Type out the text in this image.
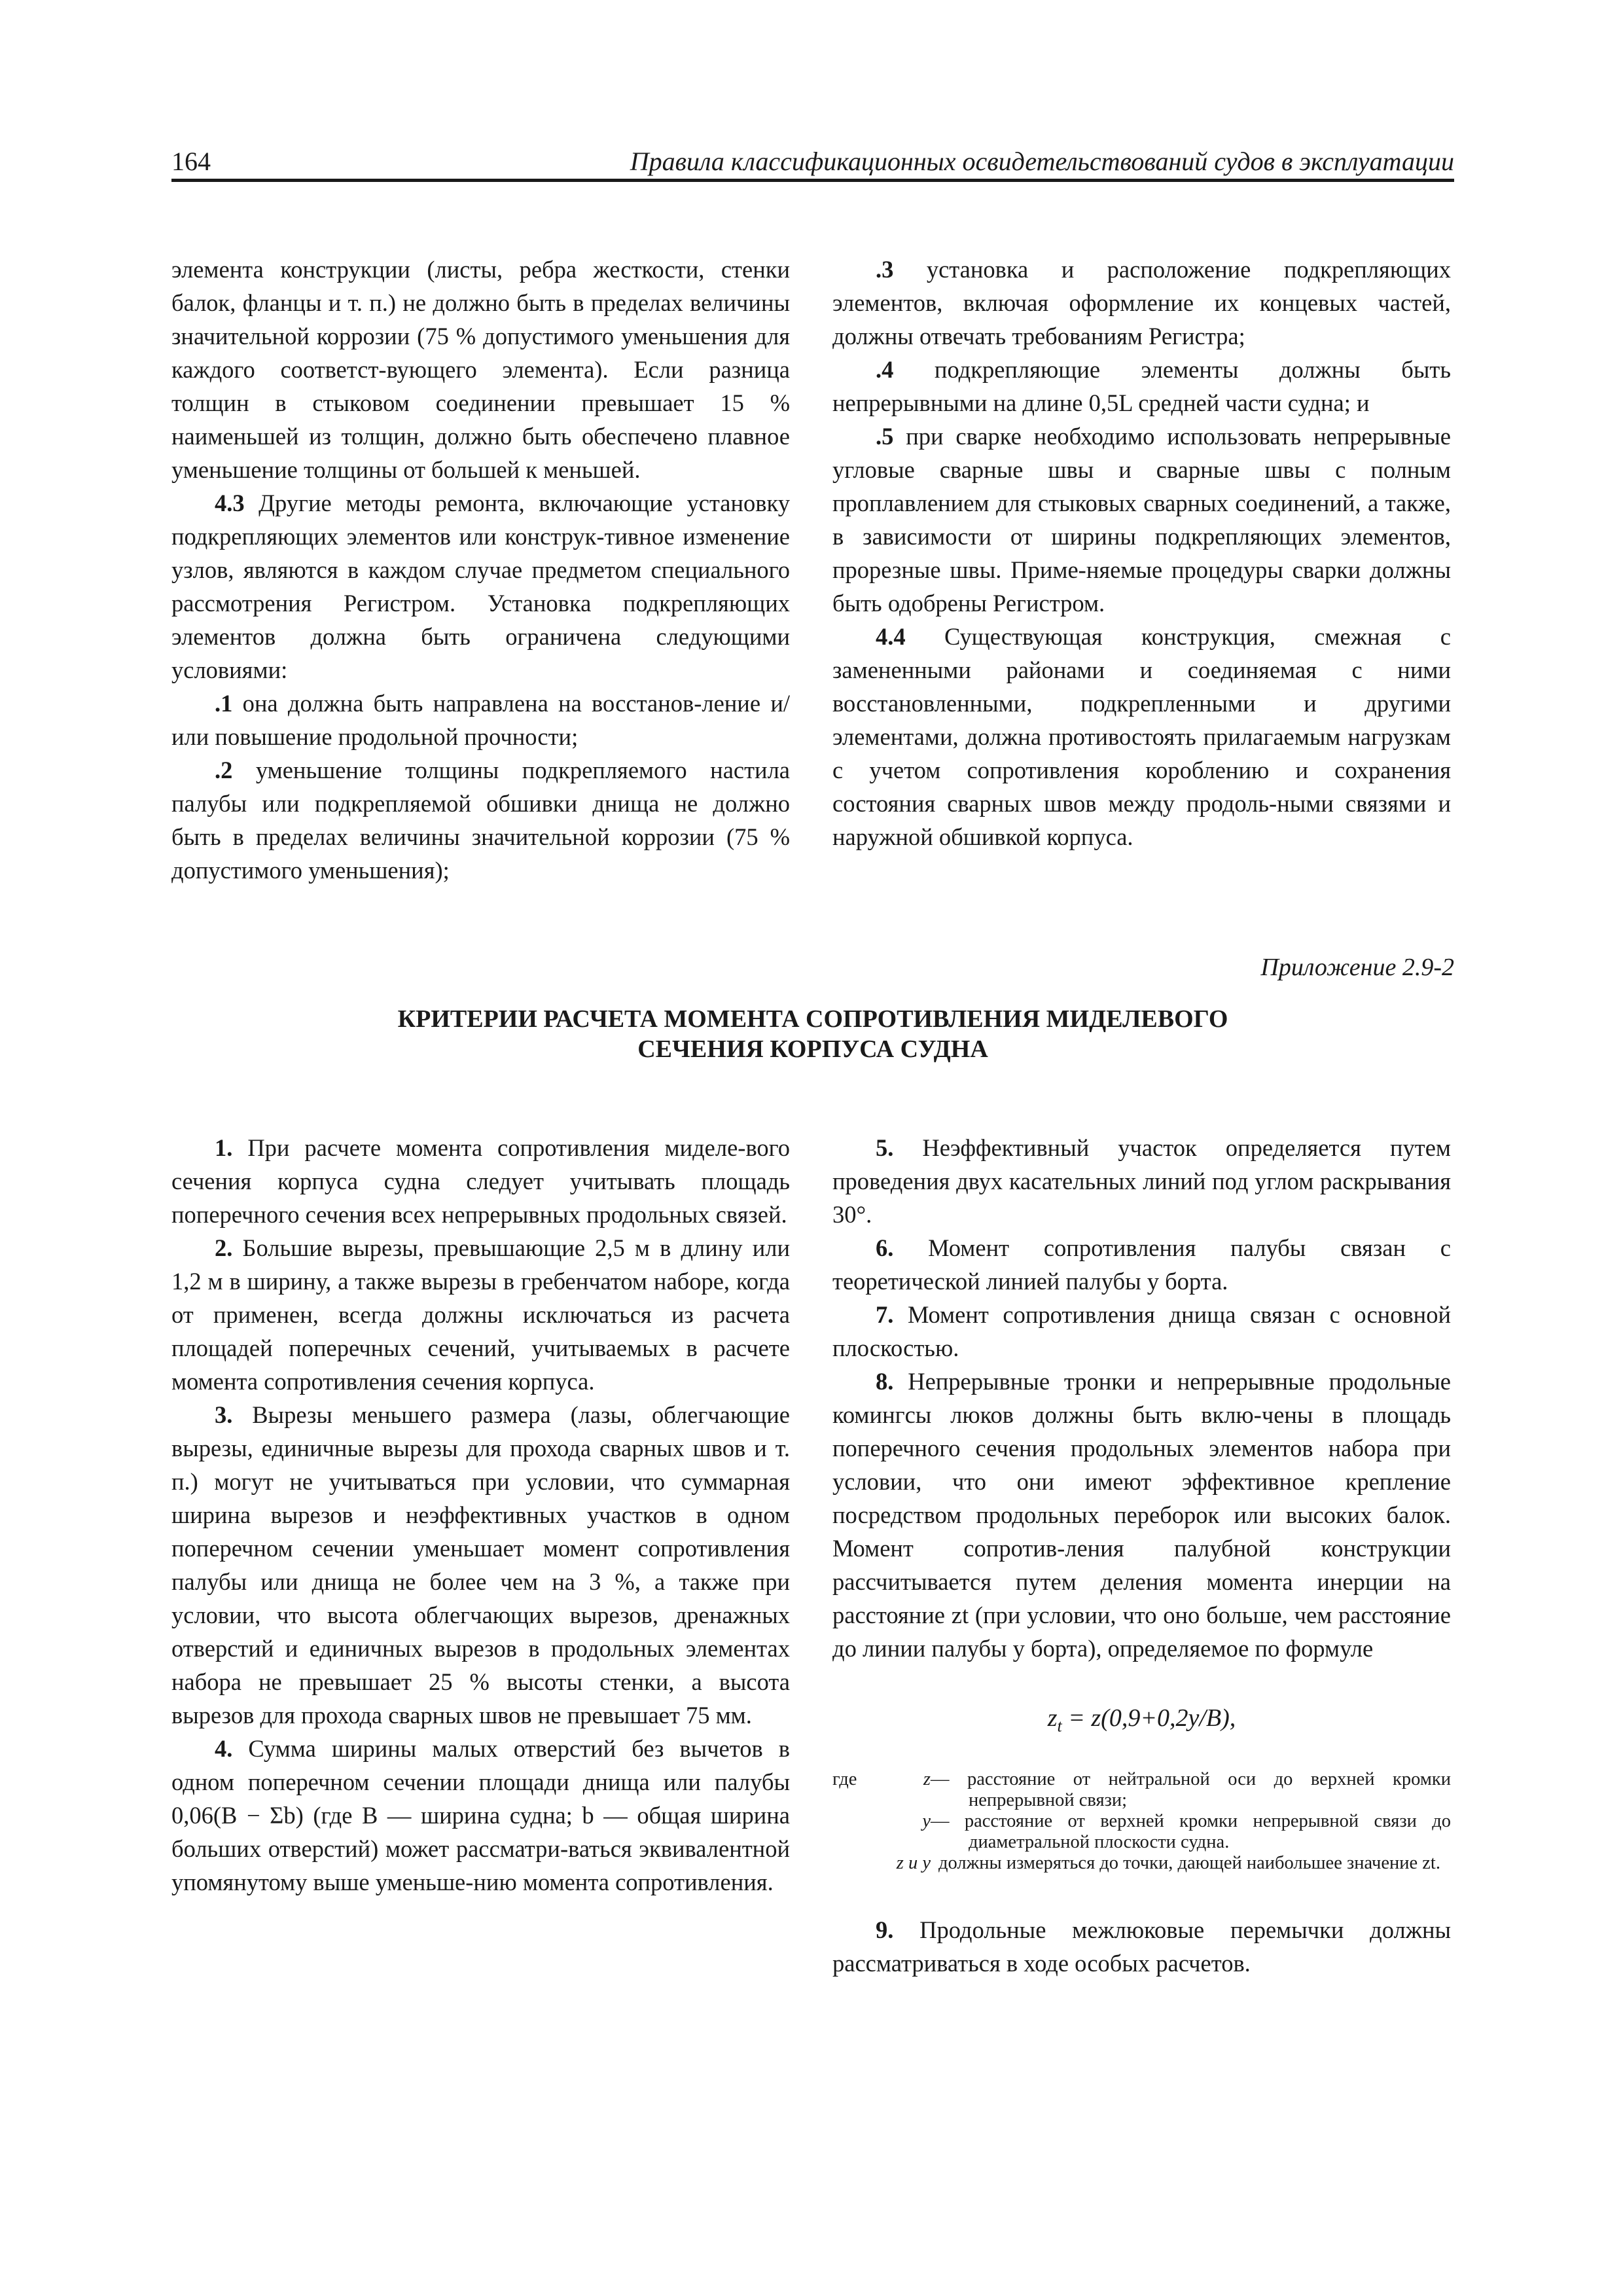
164	Правила классификационных освидетельствований судов в эксплуатации

элемента конструкции (листы, ребра жесткости, стенки балок, фланцы и т. п.) не должно быть в пределах величины значительной коррозии (75 % допустимого уменьшения для каждого соответст-вующего элемента). Если разница толщин в стыковом соединении превышает 15 % наименьшей из толщин, должно быть обеспечено плавное уменьшение толщины от большей к меньшей.

4.3 Другие методы ремонта, включающие установку подкрепляющих элементов или конструк-тивное изменение узлов, являются в каждом случае предметом специального рассмотрения Регистром. Установка подкрепляющих элементов должна быть ограничена следующими условиями:

.1 она должна быть направлена на восстанов-ление и/или повышение продольной прочности;

.2 уменьшение толщины подкрепляемого настила палубы или подкрепляемой обшивки днища не должно быть в пределах величины значительной коррозии (75 % допустимого уменьшения);

.3 установка и расположение подкрепляющих элементов, включая оформление их концевых частей, должны отвечать требованиям Регистра;

.4 подкрепляющие элементы должны быть непрерывными на длине 0,5L средней части судна; и

.5 при сварке необходимо использовать непрерывные угловые сварные швы и сварные швы с полным проплавлением для стыковых сварных соединений, а также, в зависимости от ширины подкрепляющих элементов, прорезные швы. Приме-няемые процедуры сварки должны быть одобрены Регистром.

4.4 Существующая конструкция, смежная с замененными районами и соединяемая с ними восстановленными, подкрепленными и другими элементами, должна противостоять прилагаемым нагрузкам с учетом сопротивления короблению и сохранения состояния сварных швов между продоль-ными связями и наружной обшивкой корпуса.

Приложение 2.9-2
КРИТЕРИИ РАСЧЕТА МОМЕНТА СОПРОТИВЛЕНИЯ МИДЕЛЕВОГО
СЕЧЕНИЯ КОРПУСА СУДНА

1. При расчете момента сопротивления миделе-вого сечения корпуса судна следует учитывать площадь поперечного сечения всех непрерывных продольных связей.

2. Большие вырезы, превышающие 2,5 м в длину или 1,2 м в ширину, а также вырезы в гребенчатом наборе, когда от применен, всегда должны исключаться из расчета площадей поперечных сечений, учитываемых в расчете момента сопротивления сечения корпуса.

3. Вырезы меньшего размера (лазы, облегчающие вырезы, единичные вырезы для прохода сварных швов и т. п.) могут не учитываться при условии, что суммарная ширина вырезов и неэффективных участков в одном поперечном сечении уменьшает момент сопротивления палубы или днища не более чем на 3 %, а также при условии, что высота облегчающих вырезов, дренажных отверстий и единичных вырезов в продольных элементах набора не превышает 25 % высоты стенки, а высота вырезов для прохода сварных швов не превышает 75 мм.

4. Сумма ширины малых отверстий без вычетов в одном поперечном сечении площади днища или палубы 0,06(B − Σb) (где B — ширина судна; b — общая ширина больших отверстий) может рассматри-ваться эквивалентной упомянутому выше уменьше-нию момента сопротивления.

5. Неэффективный участок определяется путем проведения двух касательных линий под углом раскрывания 30°.

6. Момент сопротивления палубы связан с теоретической линией палубы у борта.

7. Момент сопротивления днища связан с основной плоскостью.

8. Непрерывные тронки и непрерывные продольные комингсы люков должны быть вклю-чены в площадь поперечного сечения продольных элементов набора при условии, что они имеют эффективное крепление посредством продольных переборок или высоких балок. Момент сопротив-ления палубной конструкции рассчитывается путем деления момента инерции на расстояние zt (при условии, что оно больше, чем расстояние до линии палубы у борта), определяемое по формуле

$z_t = z(0,9+0,2y/B)$,

где	z — расстояние от нейтральной оси до верхней кромки непрерывной связи;
y — расстояние от верхней кромки непрерывной связи до диаметральной плоскости судна.
z и y должны измеряться до точки, дающей наибольшее значение zt.

9. Продольные межлюковые перемычки должны рассматриваться в ходе особых расчетов.
